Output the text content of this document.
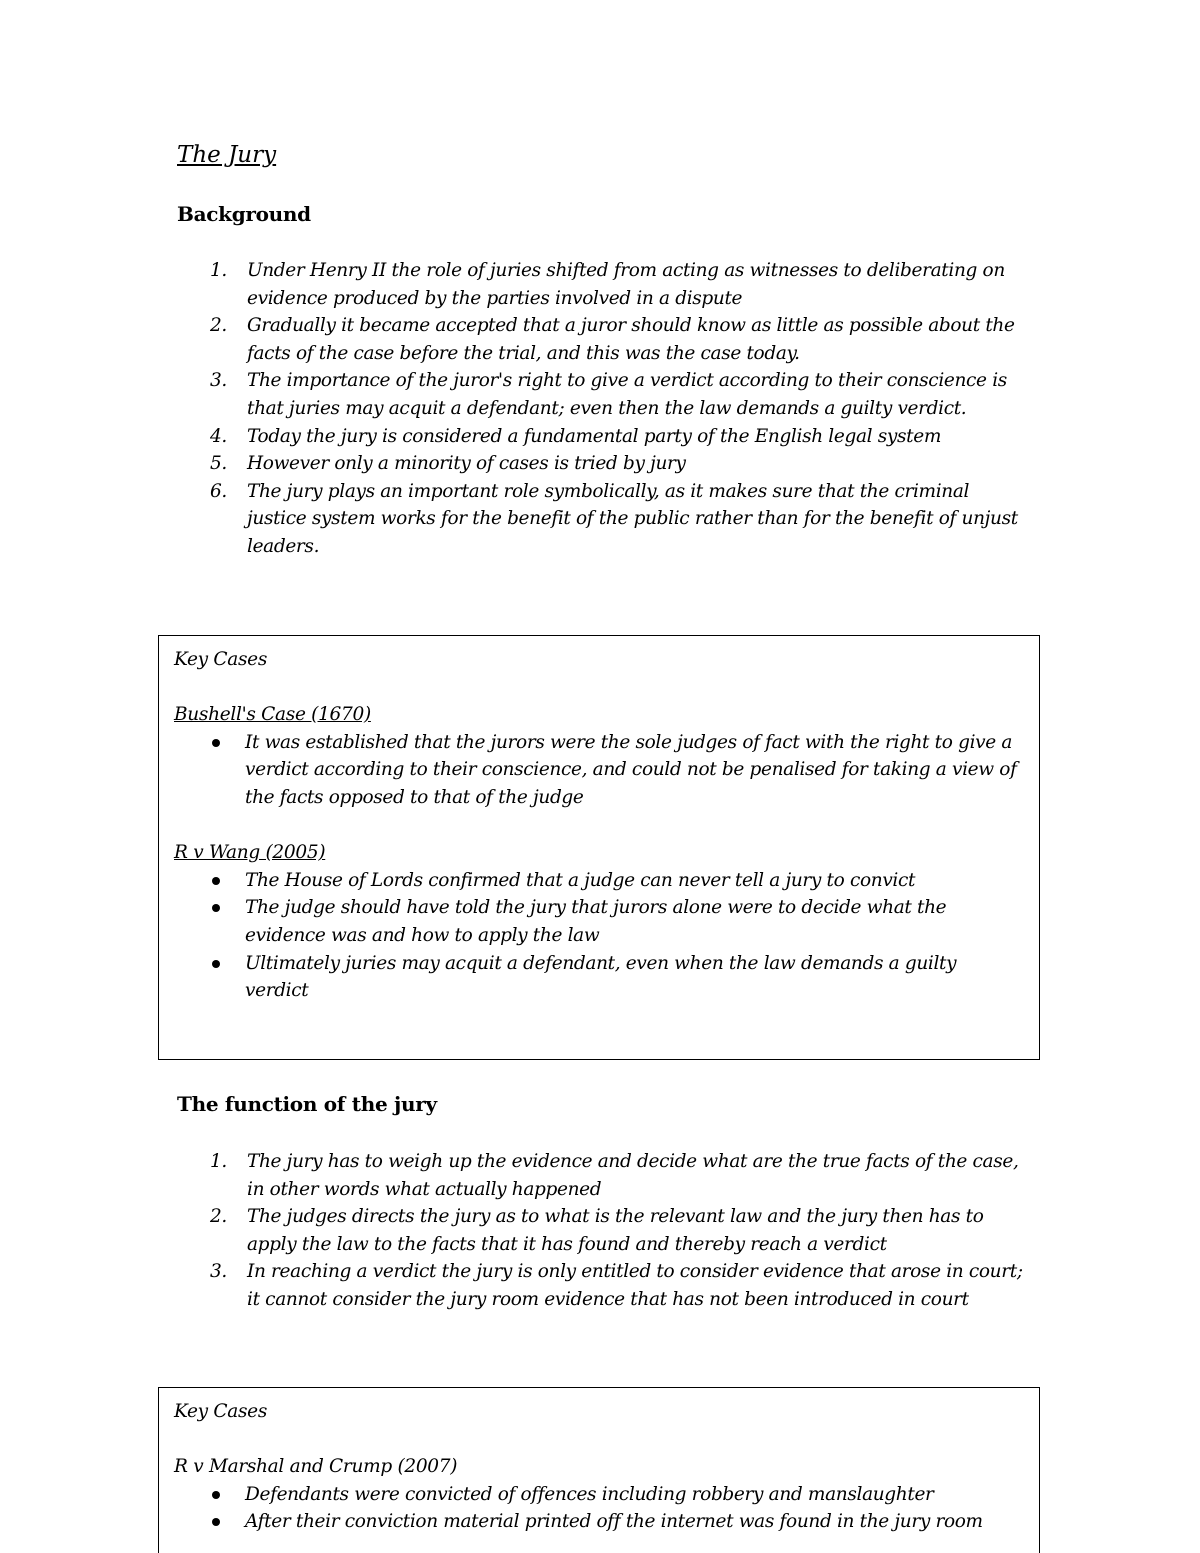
The Jury
Background
1. Under Henry II the role of juries shifted from acting as witnesses to deliberating on evidence produced by the parties involved in a dispute
2. Gradually it became accepted that a juror should know as little as possible about the facts of the case before the trial, and this was the case today.
3. The importance of the juror's right to give a verdict according to their conscience is that juries may acquit a defendant; even then the law demands a guilty verdict.
4. Today the jury is considered a fundamental party of the English legal system
5. However only a minority of cases is tried by jury
6. The jury plays an important role symbolically, as it makes sure that the criminal justice system works for the benefit of the public rather than for the benefit of unjust leaders.

Key Cases

Bushell's Case (1670)

It was established that the jurors were the sole judges of fact with the right to give a verdict according to their conscience, and could not be penalised for taking a view of the facts opposed to that of the judge

R v Wang (2005)

The House of Lords confirmed that a judge can never tell a jury to convict
The judge should have told the jury that jurors alone were to decide what the evidence was and how to apply the law
Ultimately juries may acquit a defendant, even when the law demands a guilty verdict
The function of the jury
1. The jury has to weigh up the evidence and decide what are the true facts of the case, in other words what actually happened
2. The judges directs the jury as to what is the relevant law and the jury then has to apply the law to the facts that it has found and thereby reach a verdict
3. In reaching a verdict the jury is only entitled to consider evidence that arose in court; it cannot consider the jury room evidence that has not been introduced in court

Key Cases

R v Marshal and Crump (2007)

Defendants were convicted of offences including robbery and manslaughter
After their conviction material printed off the internet was found in the jury room
